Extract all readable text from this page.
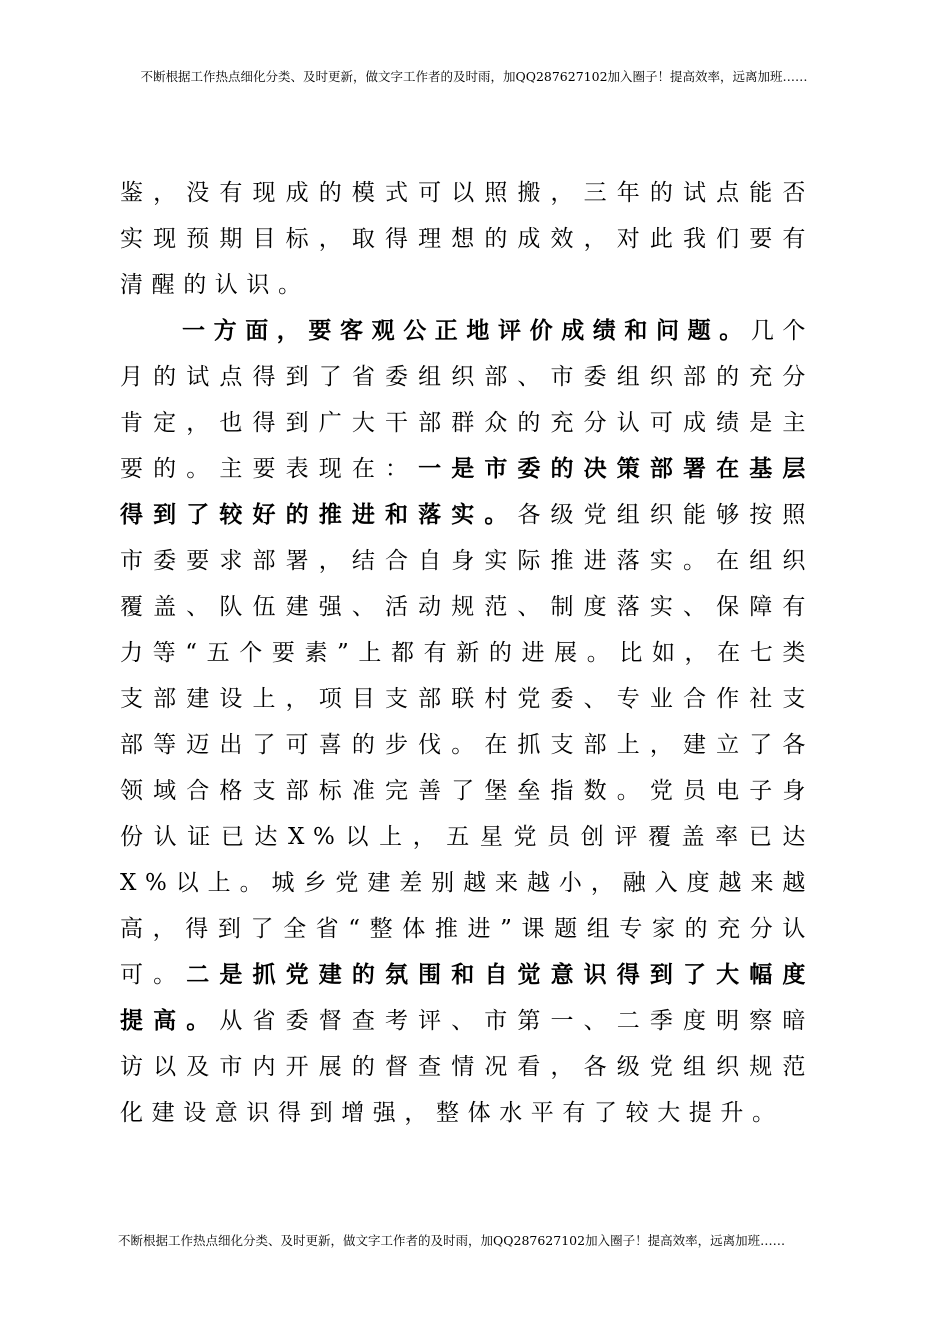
不断根据工作热点细化分类、及时更新，做文字工作者的及时雨，加QQ287627102加入圈子！提高效率，远离加班……

鉴，没有现成的模式可以照搬，三年的试点能否实现预期目标，取得理想的成效，对此我们要有清醒的认识。

一方面，要客观公正地评价成绩和问题。几个月的试点得到了省委组织部、市委组织部的充分肯定，也得到广大干部群众的充分认可成绩是主要的。主要表现在：一是市委的决策部署在基层得到了较好的推进和落实。各级党组织能够按照市委要求部署，结合自身实际推进落实。在组织覆盖、队伍建强、活动规范、制度落实、保障有力等“五个要素”上都有新的进展。比如，在七类支部建设上，项目支部联村党委、专业合作社支部等迈出了可喜的步伐。在抓支部上，建立了各领域合格支部标准完善了堡垒指数。党员电子身份认证已达X%以上，五星党员创评覆盖率已达X%以上。城乡党建差别越来越小，融入度越来越高，得到了全省“整体推进”课题组专家的充分认可。二是抓党建的氛围和自觉意识得到了大幅度提高。从省委督查考评、市第一、二季度明察暗访以及市内开展的督查情况看，各级党组织规范化建设意识得到增强，整体水平有了较大提升。

不断根据工作热点细化分类、及时更新，做文字工作者的及时雨，加QQ287627102加入圈子！提高效率，远离加班……
